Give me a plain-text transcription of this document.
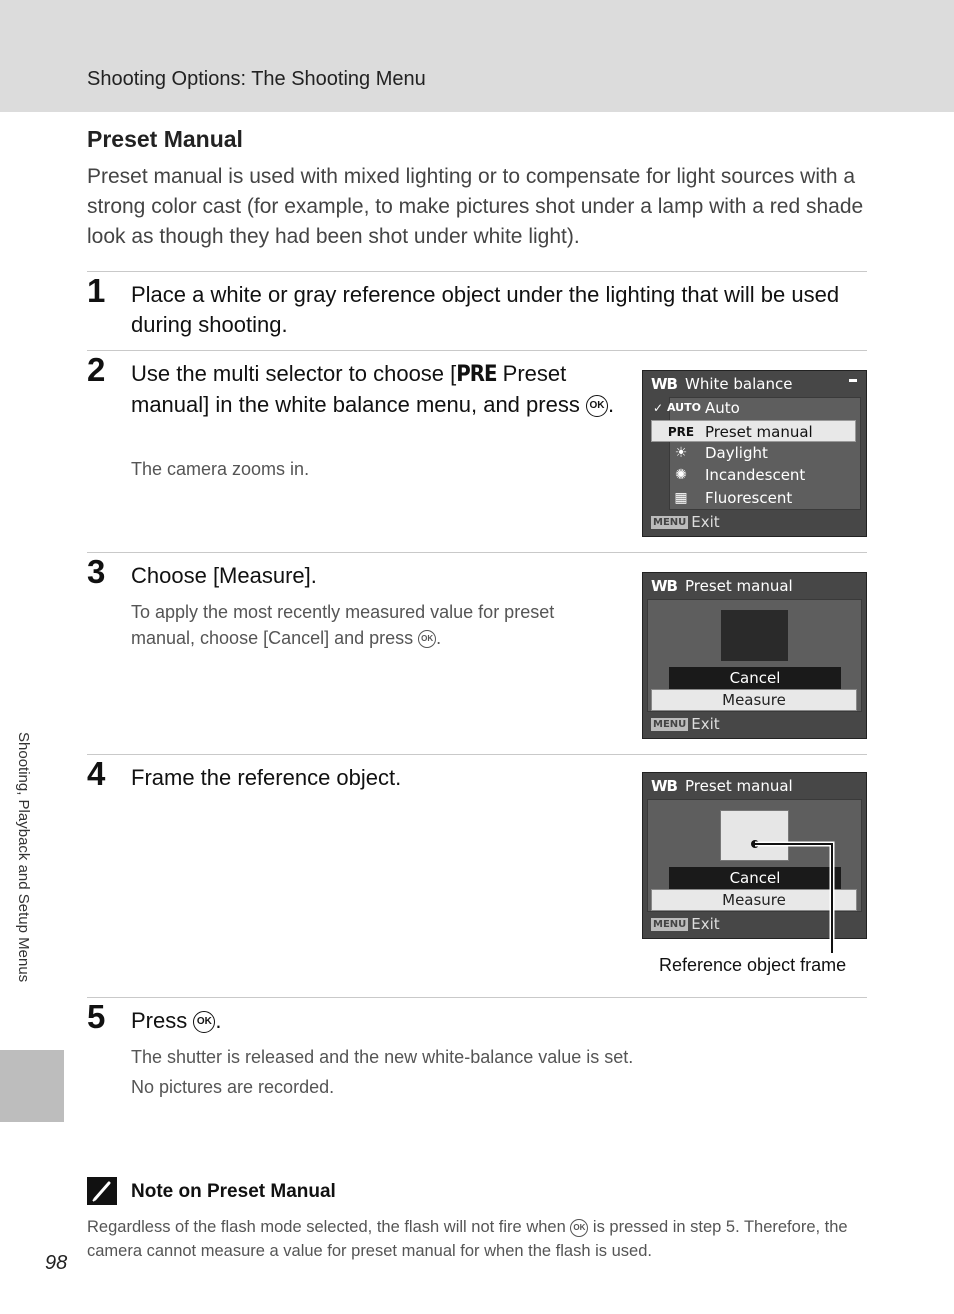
Shooting Options: The Shooting Menu
Preset Manual
Preset manual is used with mixed lighting or to compensate for light sources with a strong color cast (for example, to make pictures shot under a lamp with a red shade look as though they had been shot under white light).
1 Place a white or gray reference object under the lighting that will be used during shooting.
2 Use the multi selector to choose [PRE Preset manual] in the white balance menu, and press OK .
The camera zooms in.
WB White balance
✓ AUTO Auto
PRE Preset manual
☀	Daylight
✺	Incandescent
▦	Fluorescent
MENU Exit
3 Choose [Measure].
To apply the most recently measured value for preset manual, choose [Cancel] and press OK .
WB Preset manual
Cancel
Measure
MENU Exit
4 Frame the reference object.	WB Preset manual
Cancel
Measure
MENU Exit
Reference object frame
5 Press OK .
The shutter is released and the new white-balance value is set.
No pictures are recorded.
Shooting, Playback and Setup Menus
Note on Preset Manual
Regardless of the flash mode selected, the flash will not fire when OK is pressed in step 5. Therefore, the camera cannot measure a value for preset manual for when the flash is used.
98
